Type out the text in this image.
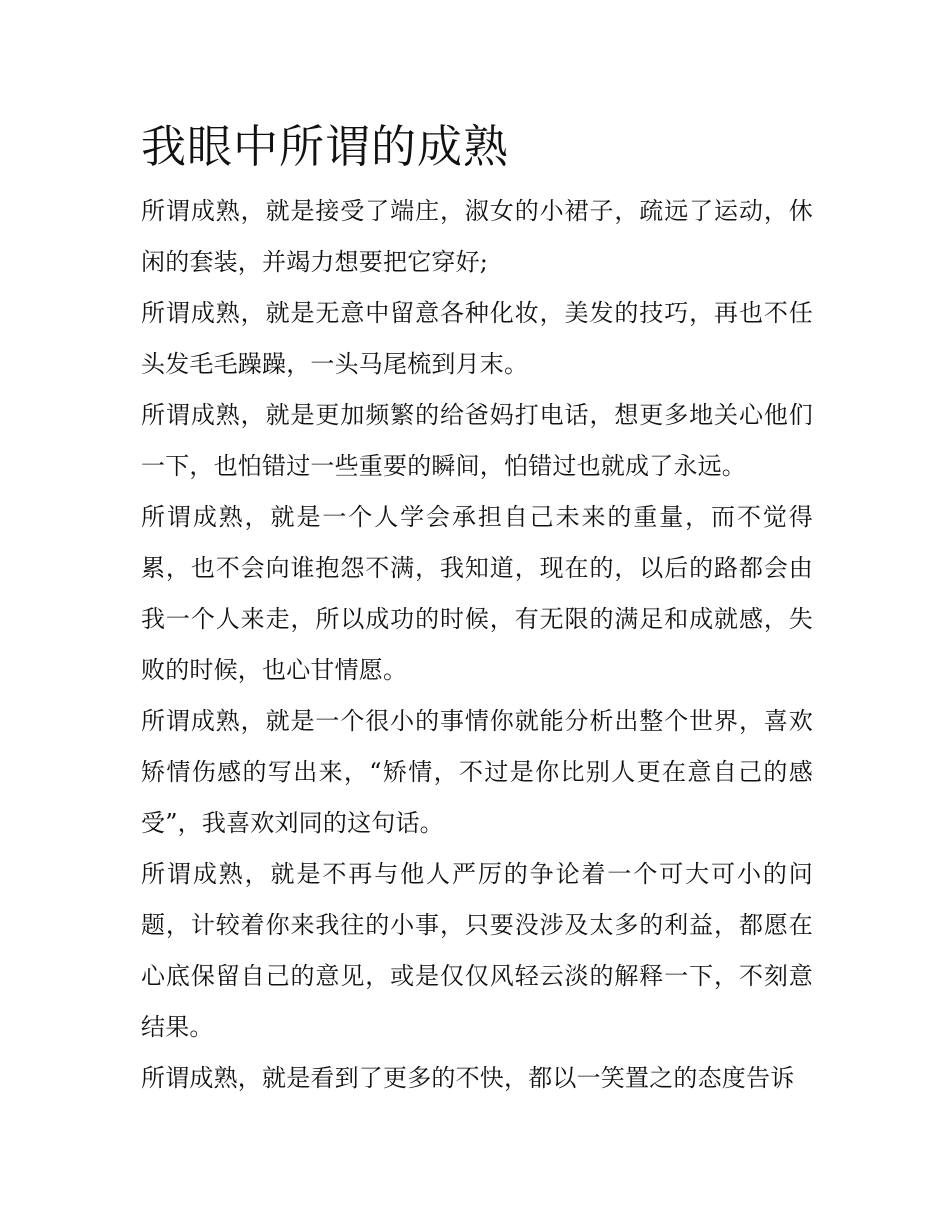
我眼中所谓的成熟

所谓成熟，就是接受了端庄，淑女的小裙子，疏远了运动，休闲的套装，并竭力想要把它穿好;

所谓成熟，就是无意中留意各种化妆，美发的技巧，再也不任头发毛毛躁躁，一头马尾梳到月末。

所谓成熟，就是更加频繁的给爸妈打电话，想更多地关心他们一下，也怕错过一些重要的瞬间，怕错过也就成了永远。

所谓成熟，就是一个人学会承担自己未来的重量，而不觉得累，也不会向谁抱怨不满，我知道，现在的，以后的路都会由我一个人来走，所以成功的时候，有无限的满足和成就感，失败的时候，也心甘情愿。

所谓成熟，就是一个很小的事情你就能分析出整个世界，喜欢矫情伤感的写出来，“矫情，不过是你比别人更在意自己的感受”，我喜欢刘同的这句话。

所谓成熟，就是不再与他人严厉的争论着一个可大可小的问题，计较着你来我往的小事，只要没涉及太多的利益，都愿在心底保留自己的意见，或是仅仅风轻云淡的解释一下，不刻意结果。

所谓成熟，就是看到了更多的不快，都以一笑置之的态度告诉
